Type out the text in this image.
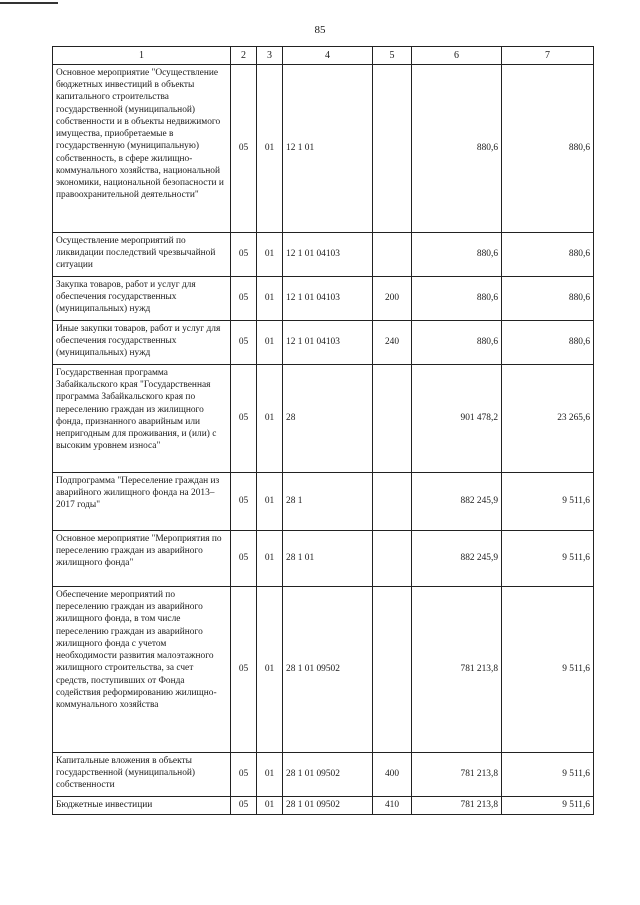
85
1	2	3	4	5	6	7
Основное мероприятие "Осуществление бюджетных инвестиций в объекты капитального строительства государственной (муниципальной) собственности и в объекты недвижимого имущества, приобретаемые в государственную (муниципальную) собственность, в сфере жилищно-коммунального хозяйства, национальной экономики, национальной безопасности и правоохранительной деятельности"	05	01	12 1 01		880,6	880,6
Осуществление мероприятий по ликвидации последствий чрезвычайной ситуации	05	01	12 1 01 04103		880,6	880,6
Закупка товаров, работ и услуг для обеспечения государственных (муниципальных) нужд	05	01	12 1 01 04103	200	880,6	880,6
Иные закупки товаров, работ и услуг для обеспечения государственных (муниципальных) нужд	05	01	12 1 01 04103	240	880,6	880,6
Государственная программа Забайкальского края "Государственная программа Забайкальского края по переселению граждан из жилищного фонда, признанного аварийным или непригодным для проживания, и (или) с высоким уровнем износа"	05	01	28		901 478,2	23 265,6
Подпрограмма "Переселение граждан из аварийного жилищного фонда на 2013–2017 годы"	05	01	28 1		882 245,9	9 511,6
Основное мероприятие "Мероприятия по переселению граждан из аварийного жилищного фонда"	05	01	28 1 01		882 245,9	9 511,6
Обеспечение мероприятий по переселению граждан из аварийного жилищного фонда, в том числе переселению граждан из аварийного жилищного фонда с учетом необходимости развития малоэтажного жилищного строительства, за счет средств, поступивших от Фонда содействия реформированию жилищно-коммунального хозяйства	05	01	28 1 01 09502		781 213,8	9 511,6
Капитальные вложения в объекты государственной (муниципальной) собственности	05	01	28 1 01 09502	400	781 213,8	9 511,6
Бюджетные инвестиции	05	01	28 1 01 09502	410	781 213,8	9 511,6
